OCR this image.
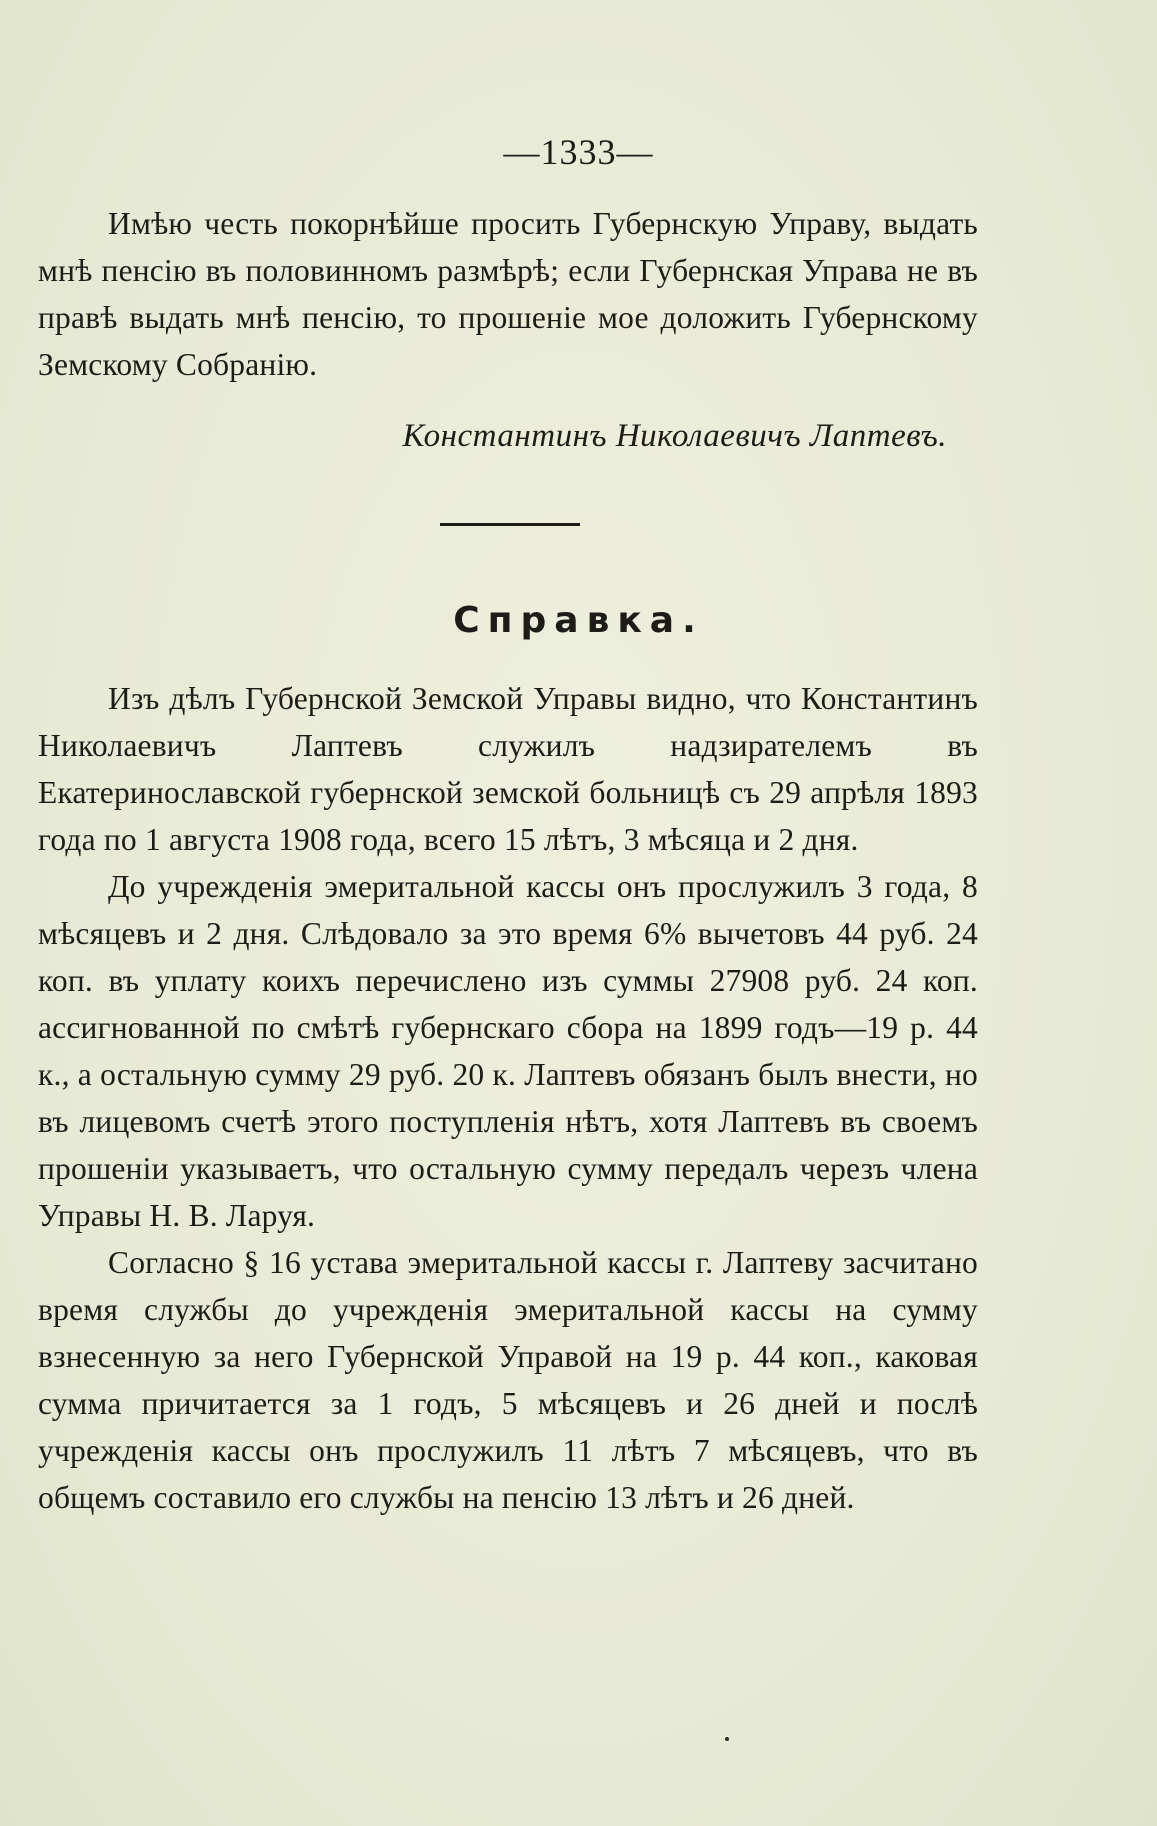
—1333—

Имѣю честь покорнѣйше просить Губернскую Управу, выдать мнѣ пенсію въ половинномъ размѣрѣ; если Губернская Управа не въ правѣ выдать мнѣ пенсію, то прошеніе мое доложить Губернскому Земскому Собранію.

Константинъ Николаевичъ Лаптевъ.
Справка.

Изъ дѣлъ Губернской Земской Управы видно, что Константинъ Николаевичъ Лаптевъ служилъ надзирателемъ въ Екатеринославской губернской земской больницѣ съ 29 апрѣля 1893 года по 1 августа 1908 года, всего 15 лѣтъ, 3 мѣсяца и 2 дня.

До учрежденія эмеритальной кассы онъ прослужилъ 3 года, 8 мѣсяцевъ и 2 дня. Слѣдовало за это время 6% вычетовъ 44 руб. 24 коп. въ уплату коихъ перечислено изъ суммы 27908 руб. 24 коп. ассигнованной по смѣтѣ губернскаго сбора на 1899 годъ—19 р. 44 к., а остальную сумму 29 руб. 20 к. Лаптевъ обязанъ былъ внести, но въ лицевомъ счетѣ этого поступленія нѣтъ, хотя Лаптевъ въ своемъ прошеніи указываетъ, что остальную сумму передалъ черезъ члена Управы Н. В. Ларуя.

Согласно § 16 устава эмеритальной кассы г. Лаптеву засчитано время службы до учрежденія эмеритальной кассы на сумму взнесенную за него Губернской Управой на 19 р. 44 коп., каковая сумма причитается за 1 годъ, 5 мѣсяцевъ и 26 дней и послѣ учрежденія кассы онъ прослужилъ 11 лѣтъ 7 мѣсяцевъ, что въ общемъ составило его службы на пенсію 13 лѣтъ и 26 дней.
